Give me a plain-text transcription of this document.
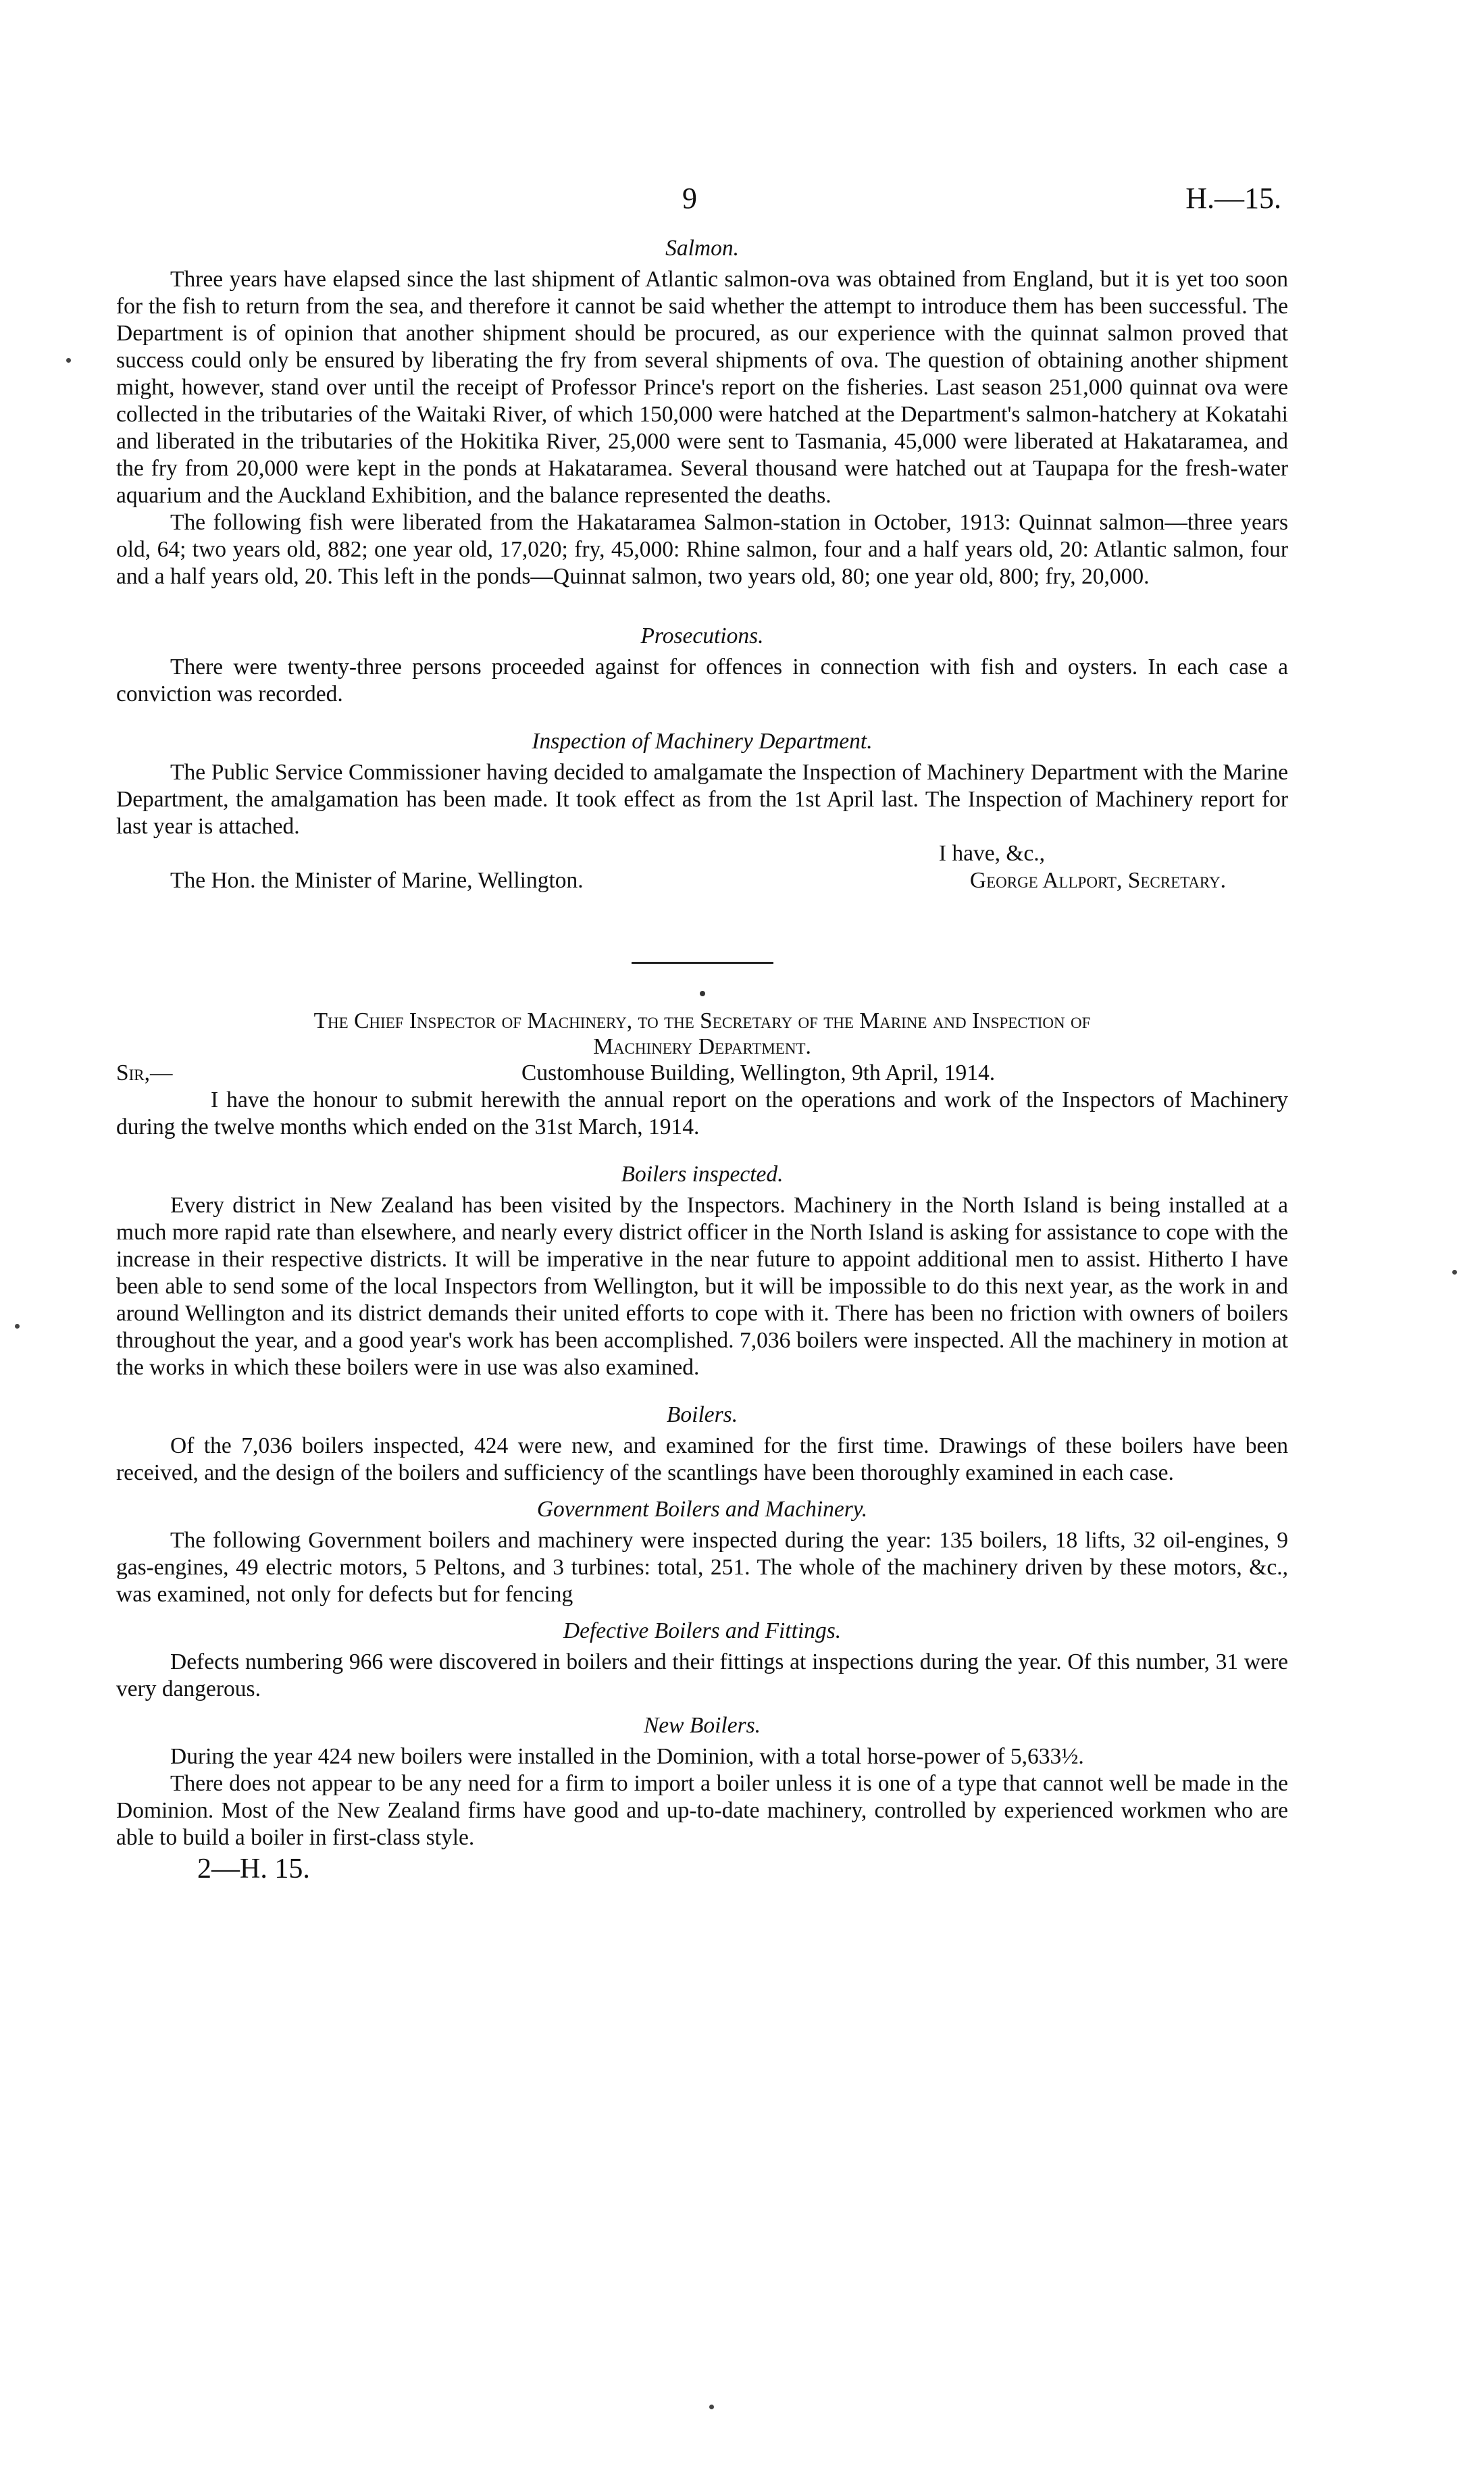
9	H.—15.
Salmon.

Three years have elapsed since the last shipment of Atlantic salmon-ova was obtained from England, but it is yet too soon for the fish to return from the sea, and therefore it cannot be said whether the attempt to introduce them has been successful. The Department is of opinion that another shipment should be procured, as our experience with the quinnat salmon proved that success could only be ensured by liberating the fry from several shipments of ova. The question of obtaining another shipment might, however, stand over until the receipt of Professor Prince's report on the fisheries. Last season 251,000 quinnat ova were collected in the tributaries of the Waitaki River, of which 150,000 were hatched at the Department's salmon-hatchery at Kokatahi and liberated in the tributaries of the Hokitika River, 25,000 were sent to Tasmania, 45,000 were liberated at Hakataramea, and the fry from 20,000 were kept in the ponds at Hakataramea. Several thousand were hatched out at Taupapa for the fresh-water aquarium and the Auckland Exhibition, and the balance represented the deaths.

The following fish were liberated from the Hakataramea Salmon-station in October, 1913: Quinnat salmon—three years old, 64; two years old, 882; one year old, 17,020; fry, 45,000: Rhine salmon, four and a half years old, 20: Atlantic salmon, four and a half years old, 20. This left in the ponds—Quinnat salmon, two years old, 80; one year old, 800; fry, 20,000.

Prosecutions.

There were twenty-three persons proceeded against for offences in connection with fish and oysters. In each case a conviction was recorded.

Inspection of Machinery Department.

The Public Service Commissioner having decided to amalgamate the Inspection of Machinery Department with the Marine Department, the amalgamation has been made. It took effect as from the 1st April last. The Inspection of Machinery report for last year is attached.

I have, &c.,
The Hon. the Minister of Marine, Wellington.	George Allport, Secretary.
The Chief Inspector of Machinery, to the Secretary of the Marine and Inspection of
Machinery Department.
Sir,—	Customhouse Building, Wellington, 9th April, 1914.

I have the honour to submit herewith the annual report on the operations and work of the Inspectors of Machinery during the twelve months which ended on the 31st March, 1914.

Boilers inspected.

Every district in New Zealand has been visited by the Inspectors. Machinery in the North Island is being installed at a much more rapid rate than elsewhere, and nearly every district officer in the North Island is asking for assistance to cope with the increase in their respective districts. It will be imperative in the near future to appoint additional men to assist. Hitherto I have been able to send some of the local Inspectors from Wellington, but it will be impossible to do this next year, as the work in and around Wellington and its district demands their united efforts to cope with it. There has been no friction with owners of boilers throughout the year, and a good year's work has been accomplished. 7,036 boilers were inspected. All the machinery in motion at the works in which these boilers were in use was also examined.

Boilers.

Of the 7,036 boilers inspected, 424 were new, and examined for the first time. Drawings of these boilers have been received, and the design of the boilers and sufficiency of the scantlings have been thoroughly examined in each case.

Government Boilers and Machinery.

The following Government boilers and machinery were inspected during the year: 135 boilers, 18 lifts, 32 oil-engines, 9 gas-engines, 49 electric motors, 5 Peltons, and 3 turbines: total, 251. The whole of the machinery driven by these motors, &c., was examined, not only for defects but for fencing

Defective Boilers and Fittings.

Defects numbering 966 were discovered in boilers and their fittings at inspections during the year. Of this number, 31 were very dangerous.

New Boilers.

During the year 424 new boilers were installed in the Dominion, with a total horse-power of 5,633½.

There does not appear to be any need for a firm to import a boiler unless it is one of a type that cannot well be made in the Dominion. Most of the New Zealand firms have good and up-to-date machinery, controlled by experienced workmen who are able to build a boiler in first-class style.

2—H. 15.
